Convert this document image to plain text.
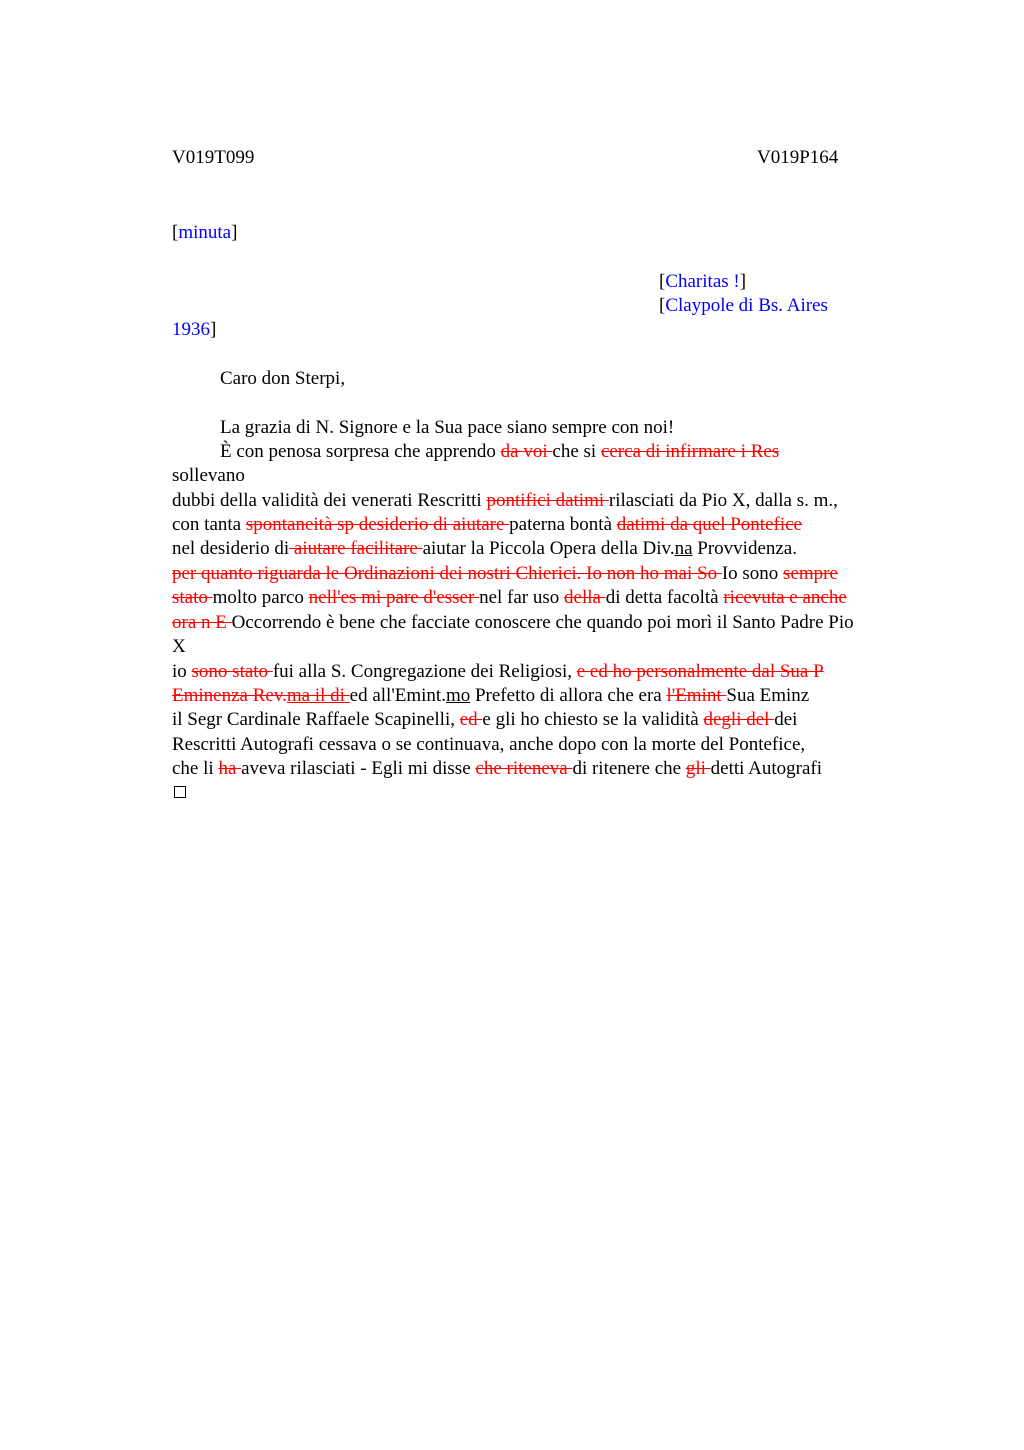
V019T099	V019P164
[minuta]
[Charitas !]
[Claypole di Bs. Aires
1936]
Caro don Sterpi,
La grazia di N. Signore e la Sua pace siano sempre con noi!
È con penosa sorpresa che apprendo da voi che si cerca di infirmare i Res
sollevano
dubbi della validità dei venerati Rescritti pontifici datimi rilasciati da Pio X, dalla s. m.,
con tanta spontaneità sp desiderio di aiutare paterna bontà datimi da quel Pontefice
nel desiderio di aiutare facilitare aiutar la Piccola Opera della Div.na Provvidenza.
per quanto riguarda le Ordinazioni dei nostri Chierici. Io non ho mai So Io sono sempre
stato molto parco nell'es mi pare d'esser nel far uso della di detta facoltà ricevuta e anche
ora n E Occorrendo è bene che facciate conoscere che quando poi morì il Santo Padre Pio
X
io sono stato fui alla S. Congregazione dei Religiosi, e ed ho personalmente dal Sua P
Eminenza Rev.ma il di ed all'Emint.mo Prefetto di allora che era l'Emint Sua Eminz
il Segr Cardinale Raffaele Scapinelli, ed e gli ho chiesto se la validità degli del dei
Rescritti Autografi cessava o se continuava, anche dopo con la morte del Pontefice,
che li ha aveva rilasciati - Egli mi disse che riteneva di ritenere che gli detti Autografi
